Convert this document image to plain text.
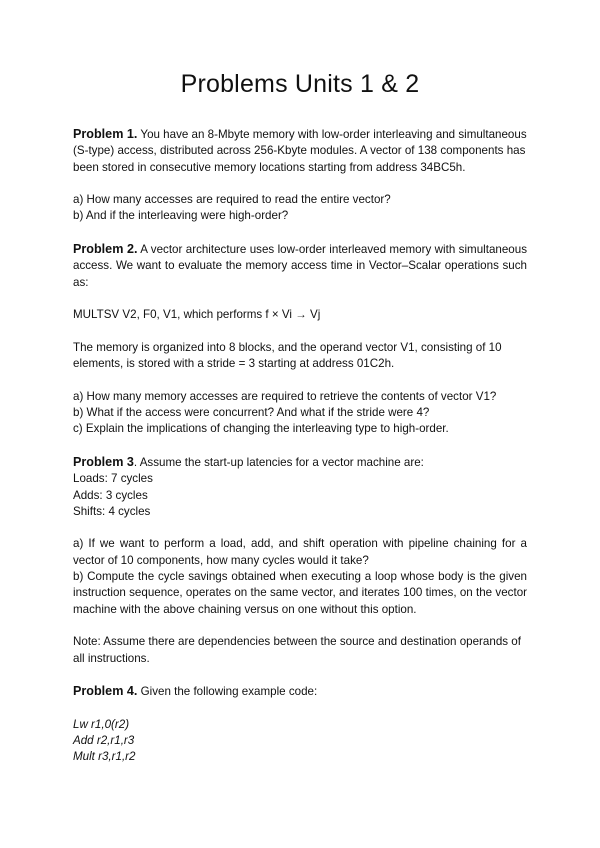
Problems Units 1 & 2

Problem 1. You have an 8-Mbyte memory with low-order interleaving and simultaneous (S-type) access, distributed across 256-Kbyte modules. A vector of 138 components has been stored in consecutive memory locations starting from address 34BC5h.

a) How many accesses are required to read the entire vector?
b) And if the interleaving were high-order?

Problem 2. A vector architecture uses low-order interleaved memory with simultaneous access. We want to evaluate the memory access time in Vector–Scalar operations such as:

MULTSV V2, F0, V1, which performs f × Vi → Vj

The memory is organized into 8 blocks, and the operand vector V1, consisting of 10 elements, is stored with a stride = 3 starting at address 01C2h.

a) How many memory accesses are required to retrieve the contents of vector V1?
b) What if the access were concurrent? And what if the stride were 4?
c) Explain the implications of changing the interleaving type to high-order.

Problem 3. Assume the start-up latencies for a vector machine are:
Loads: 7 cycles
Adds: 3 cycles
Shifts: 4 cycles

a) If we want to perform a load, add, and shift operation with pipeline chaining for a vector of 10 components, how many cycles would it take?
b) Compute the cycle savings obtained when executing a loop whose body is the given instruction sequence, operates on the same vector, and iterates 100 times, on the vector machine with the above chaining versus on one without this option.

Note: Assume there are dependencies between the source and destination operands of all instructions.

Problem 4. Given the following example code:

Lw r1,0(r2)
Add r2,r1,r3
Mult r3,r1,r2
